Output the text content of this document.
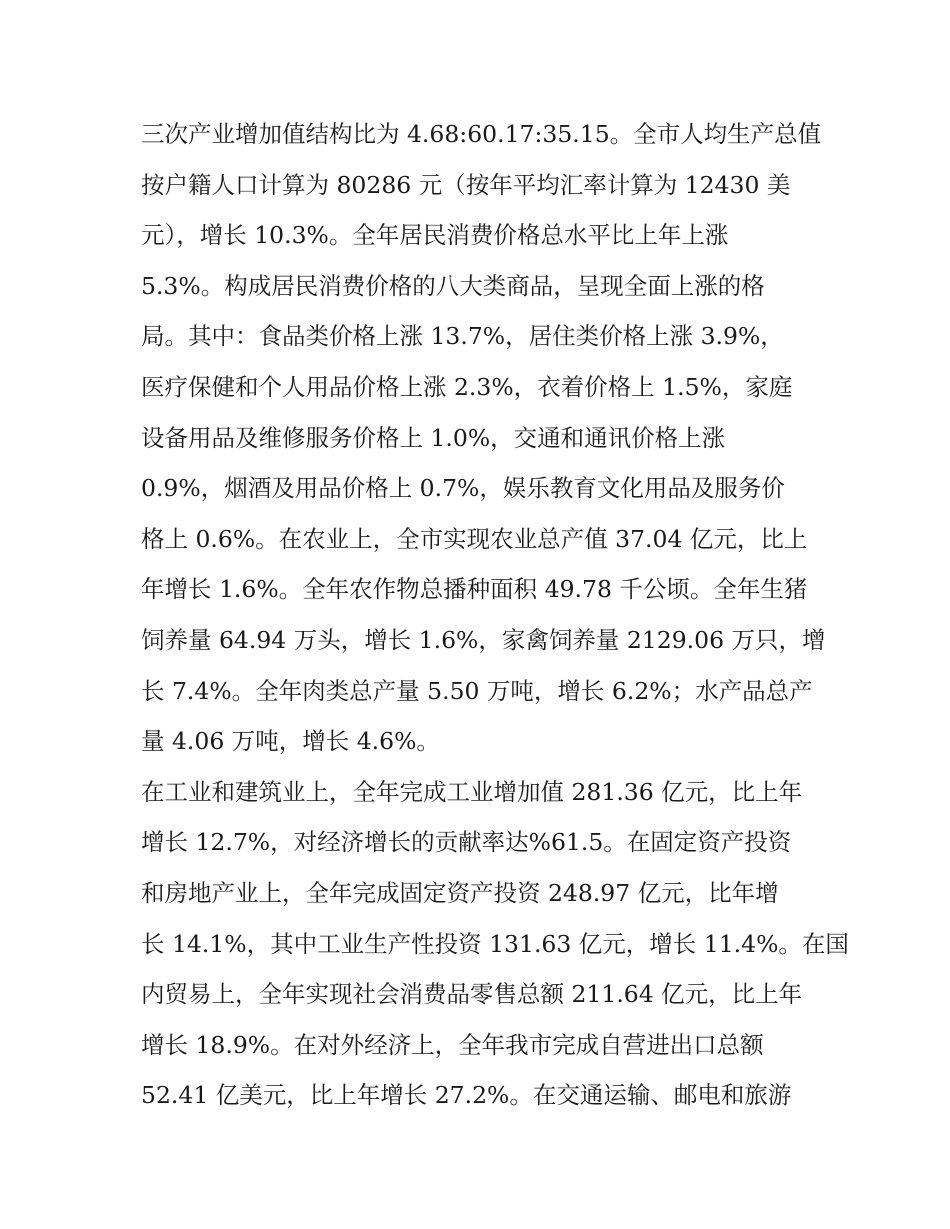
三次产业增加值结构比为 4.68:60.17:35.15。全市人均生产总值
按户籍人口计算为 80286 元（按年平均汇率计算为 12430 美
元），增长 10.3%。全年居民消费价格总水平比上年上涨
5.3%。构成居民消费价格的八大类商品，呈现全面上涨的格
局。其中：食品类价格上涨 13.7%，居住类价格上涨 3.9%，
医疗保健和个人用品价格上涨 2.3%，衣着价格上 1.5%，家庭
设备用品及维修服务价格上 1.0%，交通和通讯价格上涨
0.9%，烟酒及用品价格上 0.7%，娱乐教育文化用品及服务价
格上 0.6%。在农业上，全市实现农业总产值 37.04 亿元，比上
年增长 1.6%。全年农作物总播种面积 49.78 千公顷。全年生猪
饲养量 64.94 万头，增长 1.6%，家禽饲养量 2129.06 万只，增
长 7.4%。全年肉类总产量 5.50 万吨，增长 6.2%；水产品总产
量 4.06 万吨，增长 4.6%。
在工业和建筑业上，全年完成工业增加值 281.36 亿元，比上年
增长 12.7%，对经济增长的贡献率达%61.5。在固定资产投资
和房地产业上，全年完成固定资产投资 248.97 亿元，比年增
长 14.1%，其中工业生产性投资 131.63 亿元，增长 11.4%。在国
内贸易上，全年实现社会消费品零售总额 211.64 亿元，比上年
增长 18.9%。在对外经济上，全年我市完成自营进出口总额
52.41 亿美元，比上年增长 27.2%。在交通运输、邮电和旅游
